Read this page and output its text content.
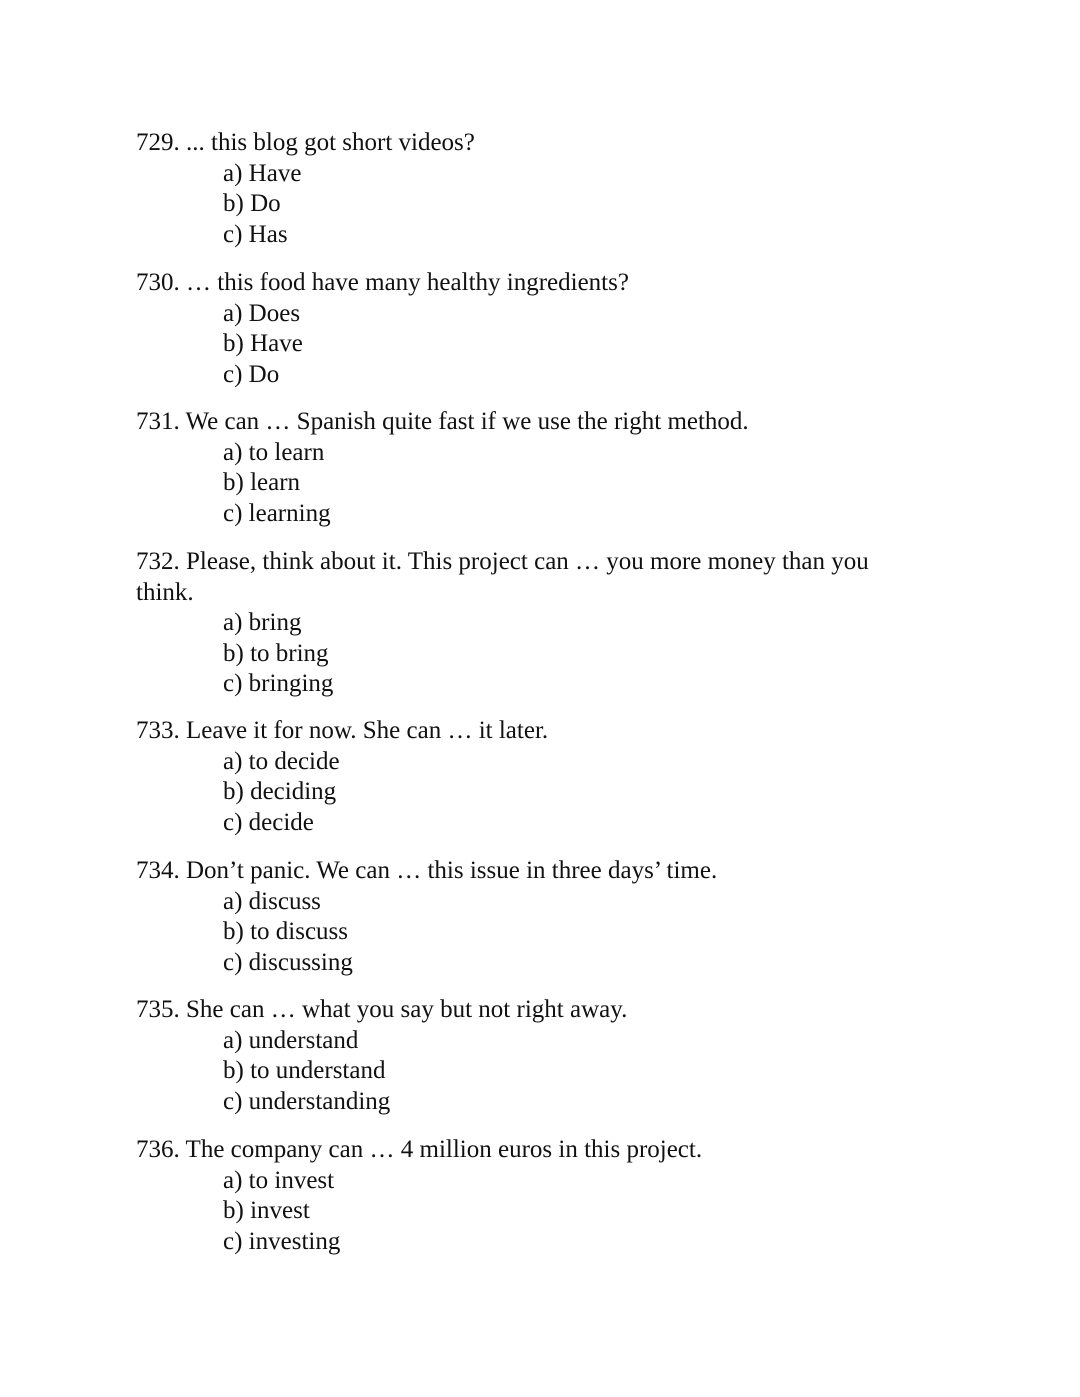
729. ... this blog got short videos?

a) Have
b) Do
c) Has

730. … this food have many healthy ingredients?

a) Does
b) Have
c) Do

731. We can … Spanish quite fast if we use the right method.

a) to learn
b) learn
c) learning

732. Please, think about it. This project can … you more money than you think.

a) bring
b) to bring
c) bringing

733. Leave it for now. She can … it later.

a) to decide
b) deciding
c) decide

734. Don’t panic. We can … this issue in three days’ time.

a) discuss
b) to discuss
c) discussing

735. She can … what you say but not right away.

a) understand
b) to understand
c) understanding

736. The company can … 4 million euros in this project.

a) to invest
b) invest
c) investing
